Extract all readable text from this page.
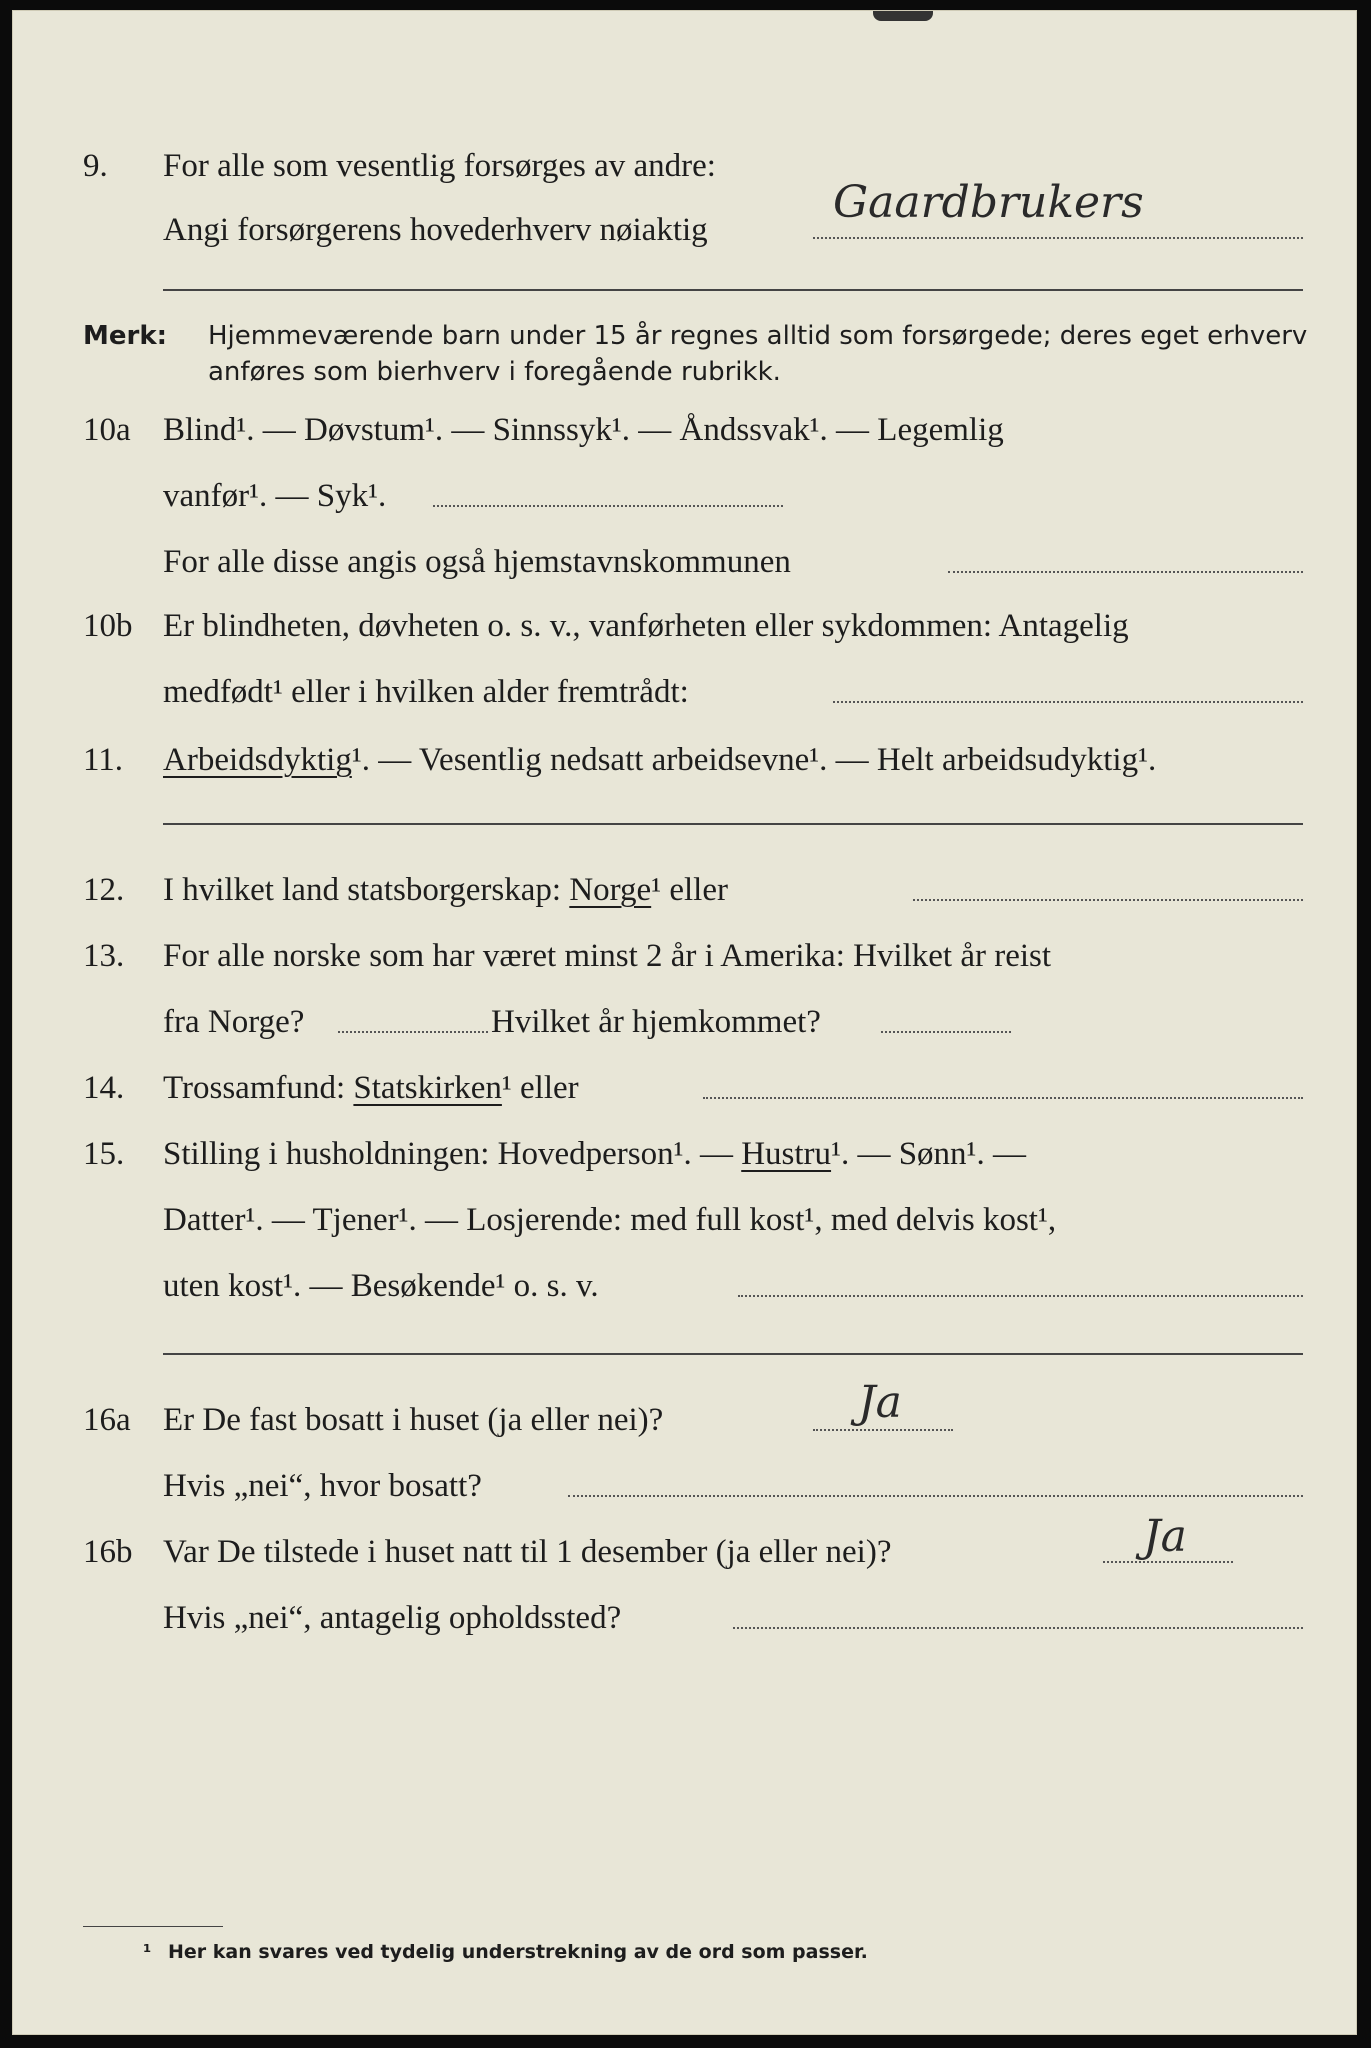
9. For alle som vesentlig forsørges av andre:
Angi forsørgerens hovederhverv nøiaktig
Gaardbrukers
Merk: Hjemmeværende barn under 15 år regnes alltid som forsørgede; deres eget erhverv
anføres som bierhverv i foregående rubrikk.
10a Blind¹. — Døvstum¹. — Sinnssyk¹. — Åndssvak¹. — Legemlig
vanfør¹. — Syk¹.
For alle disse angis også hjemstavnskommunen
10b Er blindheten, døvheten o. s. v., vanførheten eller sykdommen: Antagelig
medfødt¹ eller i hvilken alder fremtrådt:
11. Arbeidsdyktig¹. — Vesentlig nedsatt arbeidsevne¹. — Helt arbeidsudyktig¹.
12. I hvilket land statsborgerskap: Norge¹ eller
13. For alle norske som har været minst 2 år i Amerika: Hvilket år reist
fra Norge?	Hvilket år hjemkommet?
14. Trossamfund: Statskirken¹ eller
15. Stilling i husholdningen: Hovedperson¹. — Hustru¹. — Sønn¹. —
Datter¹. — Tjener¹. — Losjerende: med full kost¹, med delvis kost¹,
uten kost¹. — Besøkende¹ o. s. v.
16a Er De fast bosatt i huset (ja eller nei)?	Ja
Hvis „nei“, hvor bosatt?
16b Var De tilstede i huset natt til 1 desember (ja eller nei)?	Ja
Hvis „nei“, antagelig opholdssted?
¹ Her kan svares ved tydelig understrekning av de ord som passer.
